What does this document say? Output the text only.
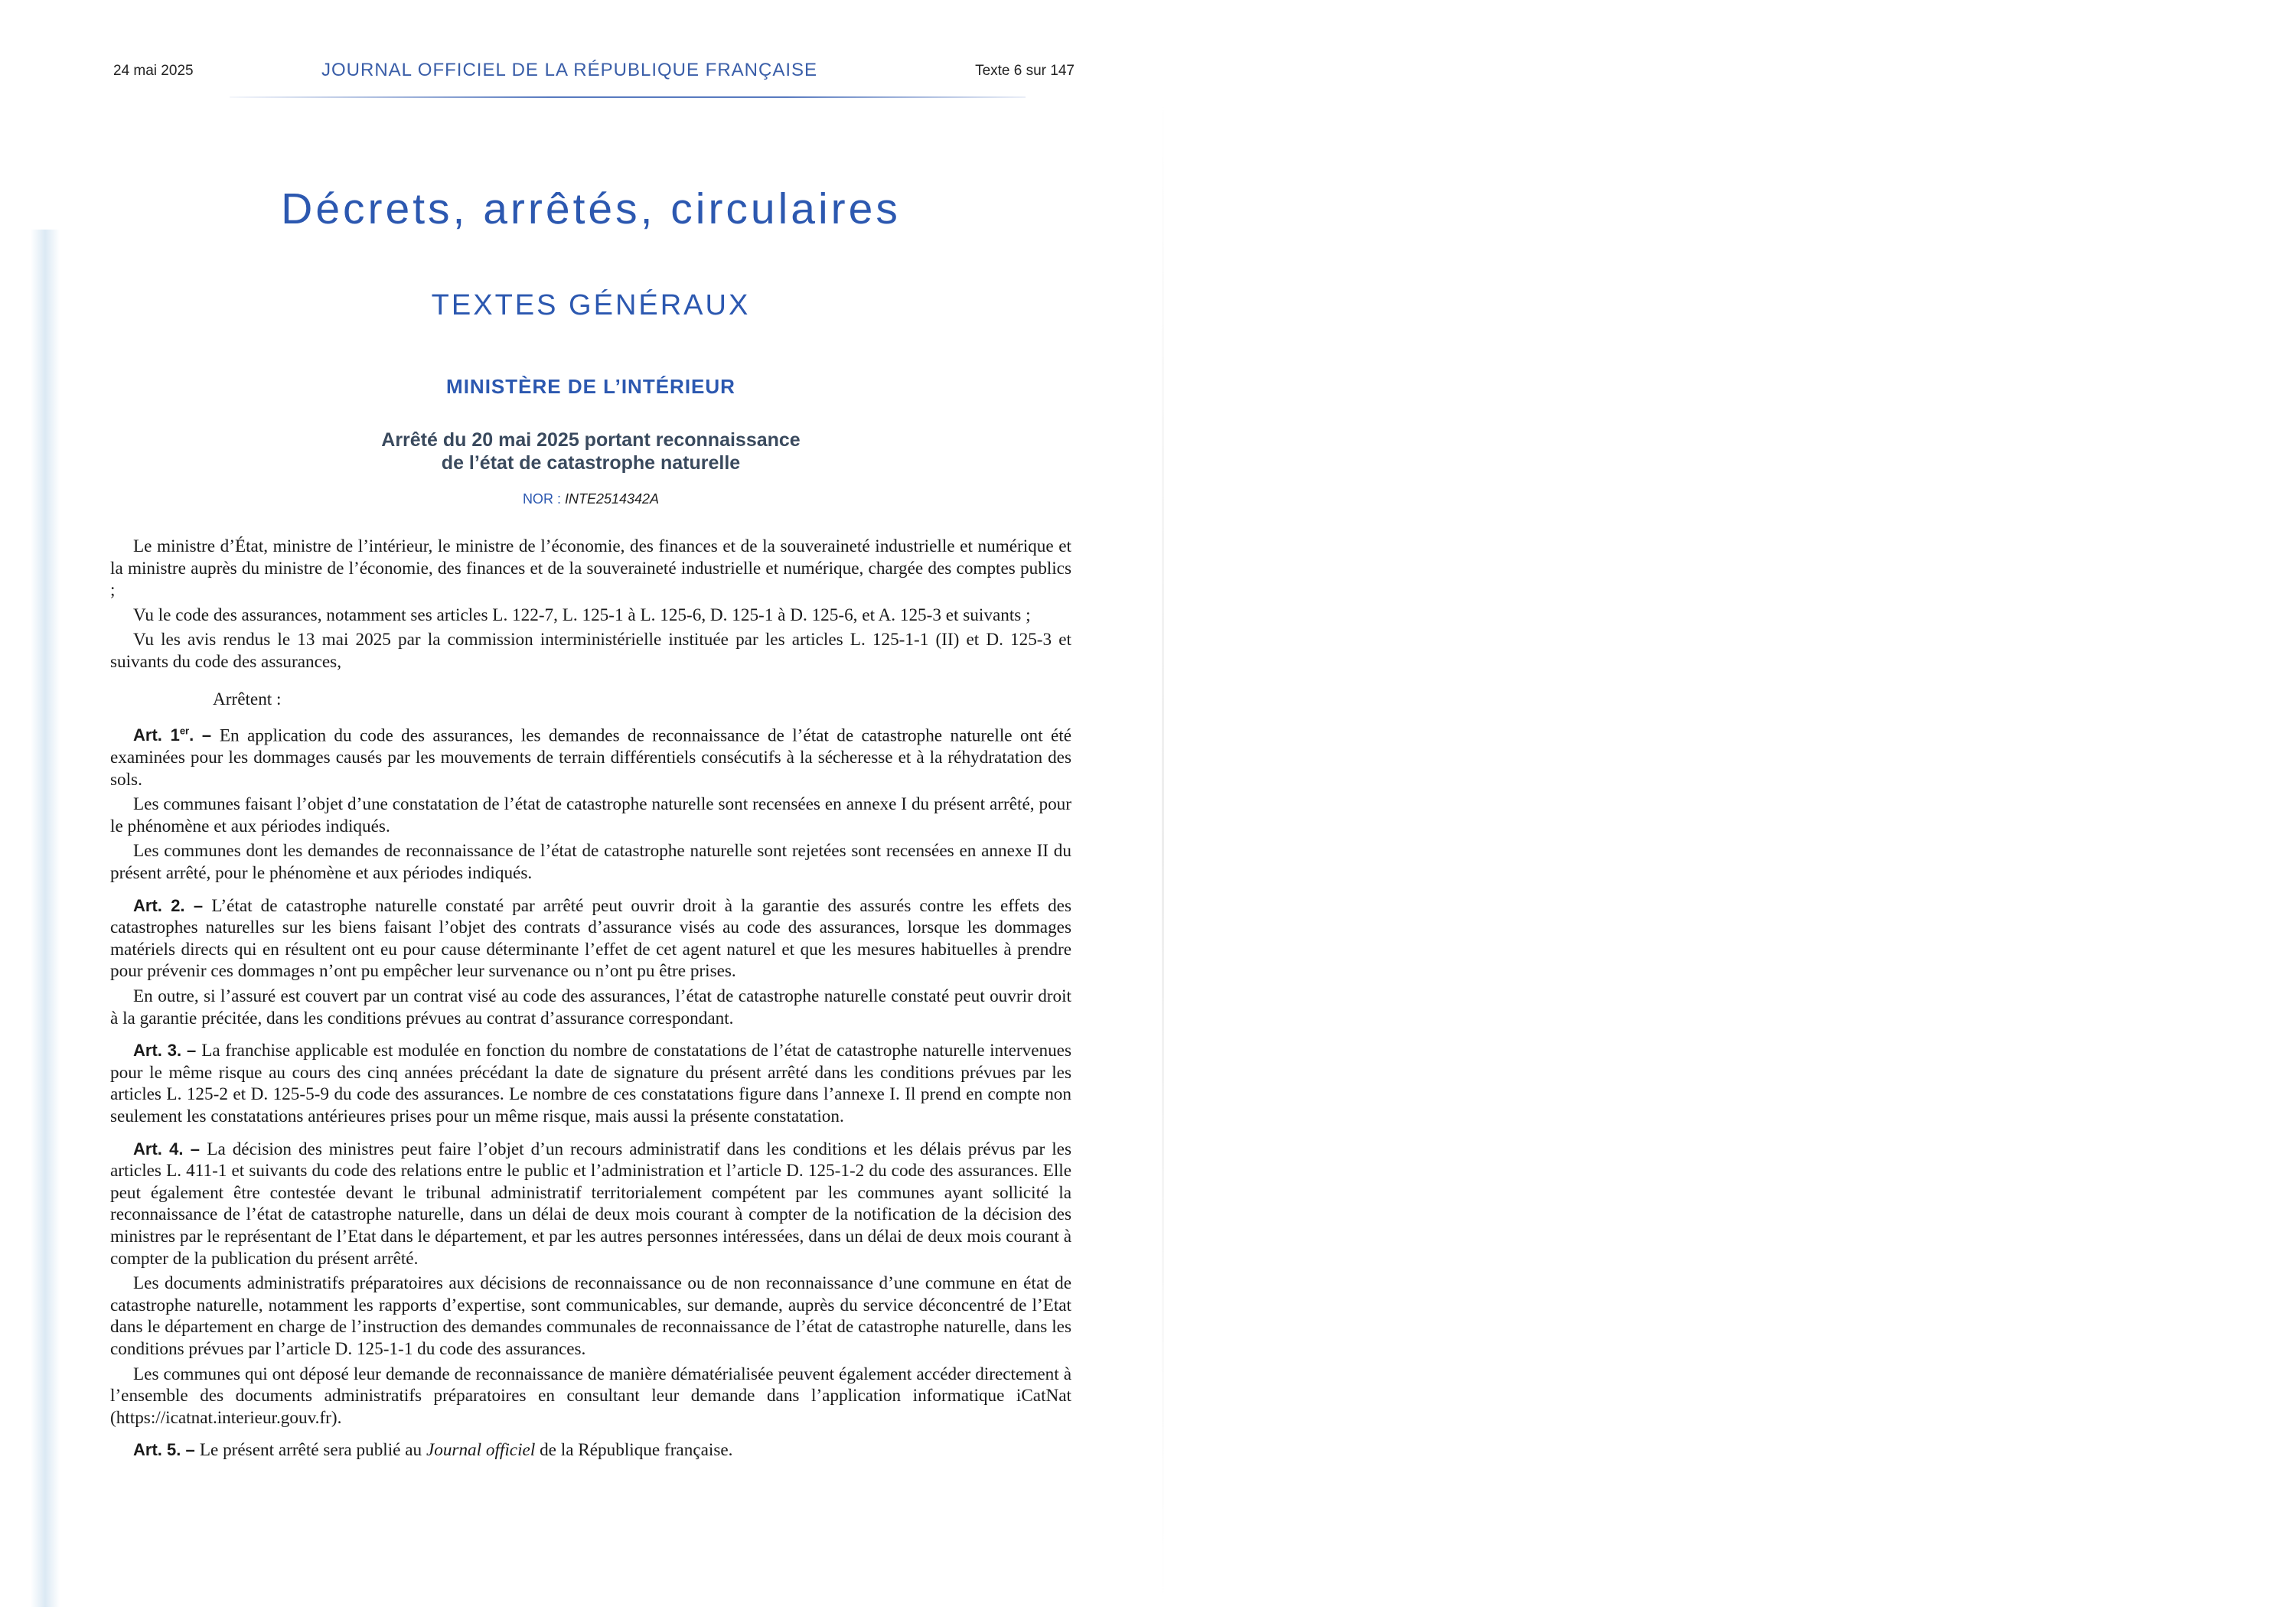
24 mai 2025	JOURNAL OFFICIEL DE LA RÉPUBLIQUE FRANÇAISE	Texte 6 sur 147
Décrets, arrêtés, circulaires
TEXTES GÉNÉRAUX
MINISTÈRE DE L’INTÉRIEUR
Arrêté du 20 mai 2025 portant reconnaissance
de l’état de catastrophe naturelle
NOR : INTE2514342A

Le ministre d’État, ministre de l’intérieur, le ministre de l’économie, des finances et de la souveraineté industrielle et numérique et la ministre auprès du ministre de l’économie, des finances et de la souveraineté industrielle et numérique, chargée des comptes publics ;

Vu le code des assurances, notamment ses articles L. 122-7, L. 125-1 à L. 125-6, D. 125-1 à D. 125-6, et A. 125-3 et suivants ;

Vu les avis rendus le 13 mai 2025 par la commission interministérielle instituée par les articles L. 125-1-1 (II) et D. 125-3 et suivants du code des assurances,

Arrêtent :

Art. 1er. – En application du code des assurances, les demandes de reconnaissance de l’état de catastrophe naturelle ont été examinées pour les dommages causés par les mouvements de terrain différentiels consécutifs à la sécheresse et à la réhydratation des sols.

Les communes faisant l’objet d’une constatation de l’état de catastrophe naturelle sont recensées en annexe I du présent arrêté, pour le phénomène et aux périodes indiqués.

Les communes dont les demandes de reconnaissance de l’état de catastrophe naturelle sont rejetées sont recensées en annexe II du présent arrêté, pour le phénomène et aux périodes indiqués.

Art. 2. – L’état de catastrophe naturelle constaté par arrêté peut ouvrir droit à la garantie des assurés contre les effets des catastrophes naturelles sur les biens faisant l’objet des contrats d’assurance visés au code des assurances, lorsque les dommages matériels directs qui en résultent ont eu pour cause déterminante l’effet de cet agent naturel et que les mesures habituelles à prendre pour prévenir ces dommages n’ont pu empêcher leur survenance ou n’ont pu être prises.

En outre, si l’assuré est couvert par un contrat visé au code des assurances, l’état de catastrophe naturelle constaté peut ouvrir droit à la garantie précitée, dans les conditions prévues au contrat d’assurance correspondant.

Art. 3. – La franchise applicable est modulée en fonction du nombre de constatations de l’état de catastrophe naturelle intervenues pour le même risque au cours des cinq années précédant la date de signature du présent arrêté dans les conditions prévues par les articles L. 125-2 et D. 125-5-9 du code des assurances. Le nombre de ces constatations figure dans l’annexe I. Il prend en compte non seulement les constatations antérieures prises pour un même risque, mais aussi la présente constatation.

Art. 4. – La décision des ministres peut faire l’objet d’un recours administratif dans les conditions et les délais prévus par les articles L. 411-1 et suivants du code des relations entre le public et l’administration et l’article D. 125-1-2 du code des assurances. Elle peut également être contestée devant le tribunal administratif territorialement compétent par les communes ayant sollicité la reconnaissance de l’état de catastrophe naturelle, dans un délai de deux mois courant à compter de la notification de la décision des ministres par le représentant de l’Etat dans le département, et par les autres personnes intéressées, dans un délai de deux mois courant à compter de la publication du présent arrêté.

Les documents administratifs préparatoires aux décisions de reconnaissance ou de non reconnaissance d’une commune en état de catastrophe naturelle, notamment les rapports d’expertise, sont communicables, sur demande, auprès du service déconcentré de l’Etat dans le département en charge de l’instruction des demandes communales de reconnaissance de l’état de catastrophe naturelle, dans les conditions prévues par l’article D. 125-1-1 du code des assurances.

Les communes qui ont déposé leur demande de reconnaissance de manière dématérialisée peuvent également accéder directement à l’ensemble des documents administratifs préparatoires en consultant leur demande dans l’application informatique iCatNat (https://icatnat.interieur.gouv.fr).

Art. 5. – Le présent arrêté sera publié au Journal officiel de la République française.
